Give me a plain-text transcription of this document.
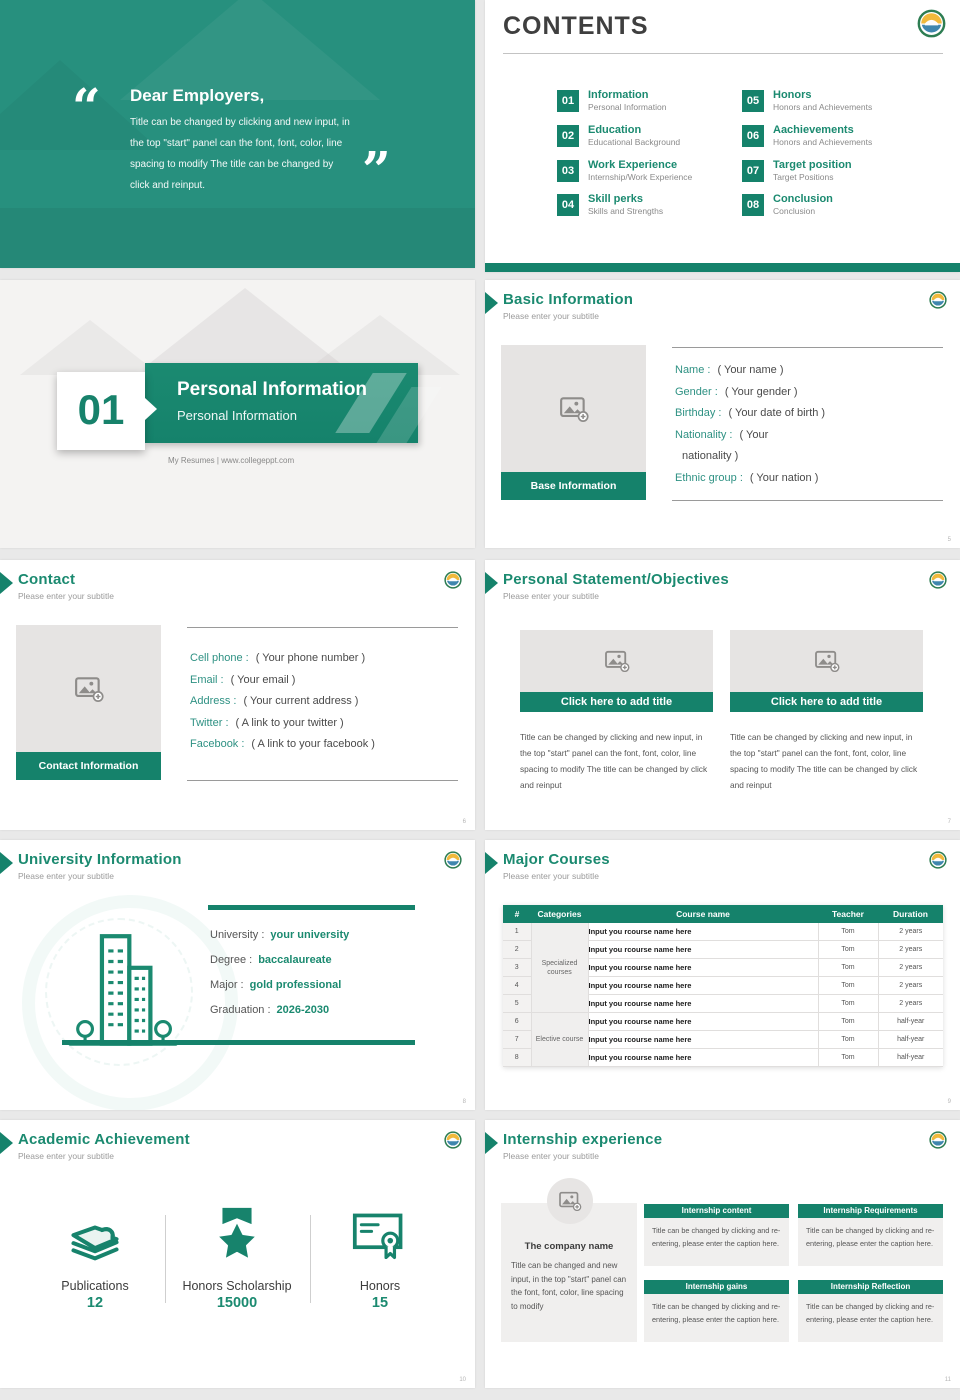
“ Dear Employers,
Title can be changed by clicking and new input, in the top "start" panel can the font, font, color, line spacing to modify The title can be changed by click and reinput.	”
CONTENTS
01	Information
Personal Information
02	Education
Educational Background
03	Work Experience
Internship/Work Experience
04	Skill perks
Skills and Strengths
05	Honors
Honors and Achievements
06	Aachievements
Honors and Achievements
07	Target position
Target Positions
08	Conclusion
Conclusion
Personal Information
Personal Information
01
My Resumes | www.collegeppt.com
Basic Information
Please enter your subtitle
Base Information
Name : ( Your name )
Gender : ( Your gender )
Birthday : ( Your date of birth )
Nationality : ( Your
nationality )
Ethnic group : ( Your nation )
5
Contact
Please enter your subtitle
Contact Information
Cell phone : ( Your phone number )
Email : ( Your email )
Address : ( Your current address )
Twitter : ( A link to your twitter )
Facebook : ( A link to your facebook )
6
Personal Statement/Objectives
Please enter your subtitle
Click here to add title
Title can be changed by clicking and new input, in the top "start" panel can the font, font, color, line spacing to modify The title can be changed by click and reinput
Click here to add title
Title can be changed by clicking and new input, in the top "start" panel can the font, font, color, line spacing to modify The title can be changed by click and reinput
7
University Information
Please enter your subtitle
University : your university
Degree : baccalaureate
Major : gold professional
Graduation : 2026-2030
8
Major Courses
Please enter your subtitle
#	Categories	Course name	Teacher	Duration
1	Specialized courses	Input you rcourse name here	Tom	2 years
2		Input you rcourse name here	Tom	2 years
3		Input you rcourse name here	Tom	2 years
4		Input you rcourse name here	Tom	2 years
5		Input you rcourse name here	Tom	2 years
6	Elective course	Input you rcourse name here	Tom	half-year
7		Input you rcourse name here	Tom	half-year
8		Input you rcourse name here	Tom	half-year
9
Academic Achievement
Please enter your subtitle
Publications
12
Honors Scholarship
15000
Honors
15
10
Internship experience
Please enter your subtitle
The company name
Title can be changed and new input, in the top "start" panel can the font, font, color, line spacing to modify
Internship content
Title can be changed by clicking and re-entering, please enter the caption here.
Internship Requirements
Title can be changed by clicking and re-entering, please enter the caption here.
Internship gains
Title can be changed by clicking and re-entering, please enter the caption here.
Internship Reflection
Title can be changed by clicking and re-entering, please enter the caption here.
11
